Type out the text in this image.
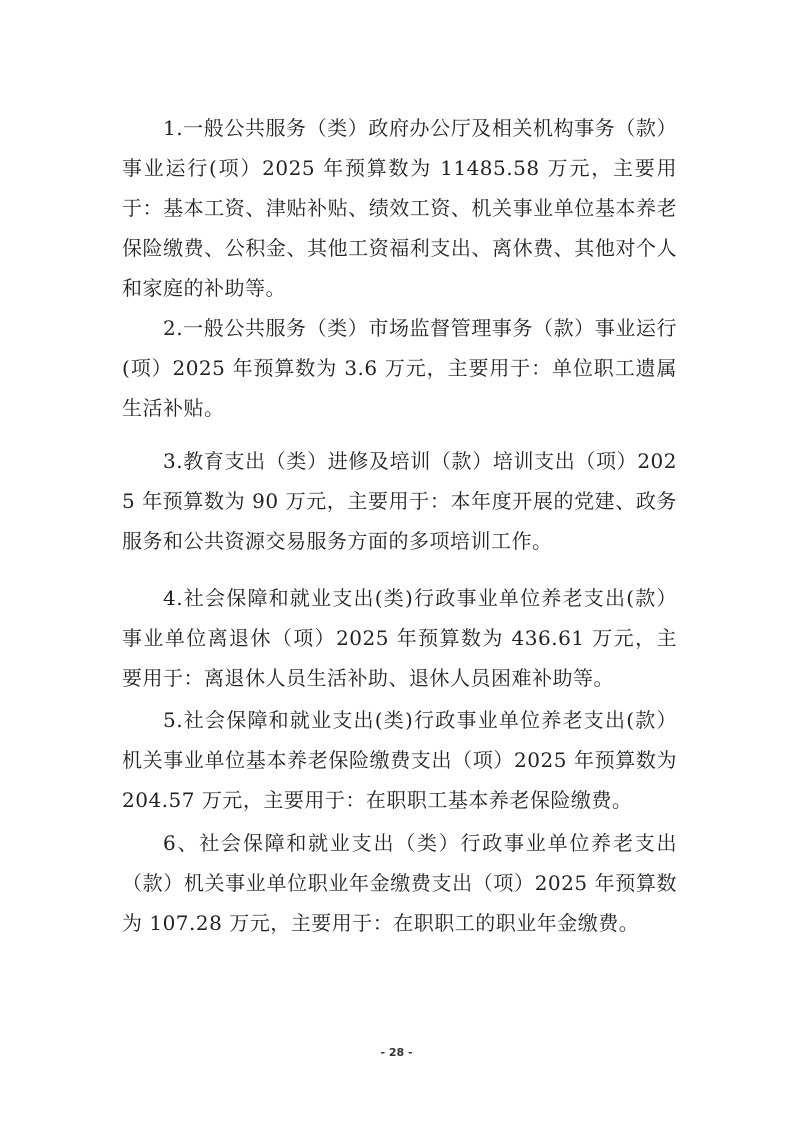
1.一般公共服务（类）政府办公厅及相关机构事务（款）事业运行(项）2025 年预算数为 11485.58 万元，主要用于：基本工资、津贴补贴、绩效工资、机关事业单位基本养老保险缴费、公积金、其他工资福利支出、离休费、其他对个人和家庭的补助等。

2.一般公共服务（类）市场监督管理事务（款）事业运行(项）2025 年预算数为 3.6 万元，主要用于：单位职工遗属生活补贴。

3.教育支出（类）进修及培训（款）培训支出（项）2025 年预算数为 90 万元，主要用于：本年度开展的党建、政务服务和公共资源交易服务方面的多项培训工作。

4.社会保障和就业支出(类)行政事业单位养老支出(款）事业单位离退休（项）2025 年预算数为 436.61 万元，主要用于：离退休人员生活补助、退休人员困难补助等。

5.社会保障和就业支出(类)行政事业单位养老支出(款）机关事业单位基本养老保险缴费支出（项）2025 年预算数为204.57 万元，主要用于：在职职工基本养老保险缴费。

6、社会保障和就业支出（类）行政事业单位养老支出（款）机关事业单位职业年金缴费支出（项）2025 年预算数为 107.28 万元，主要用于：在职职工的职业年金缴费。

- 28 -
